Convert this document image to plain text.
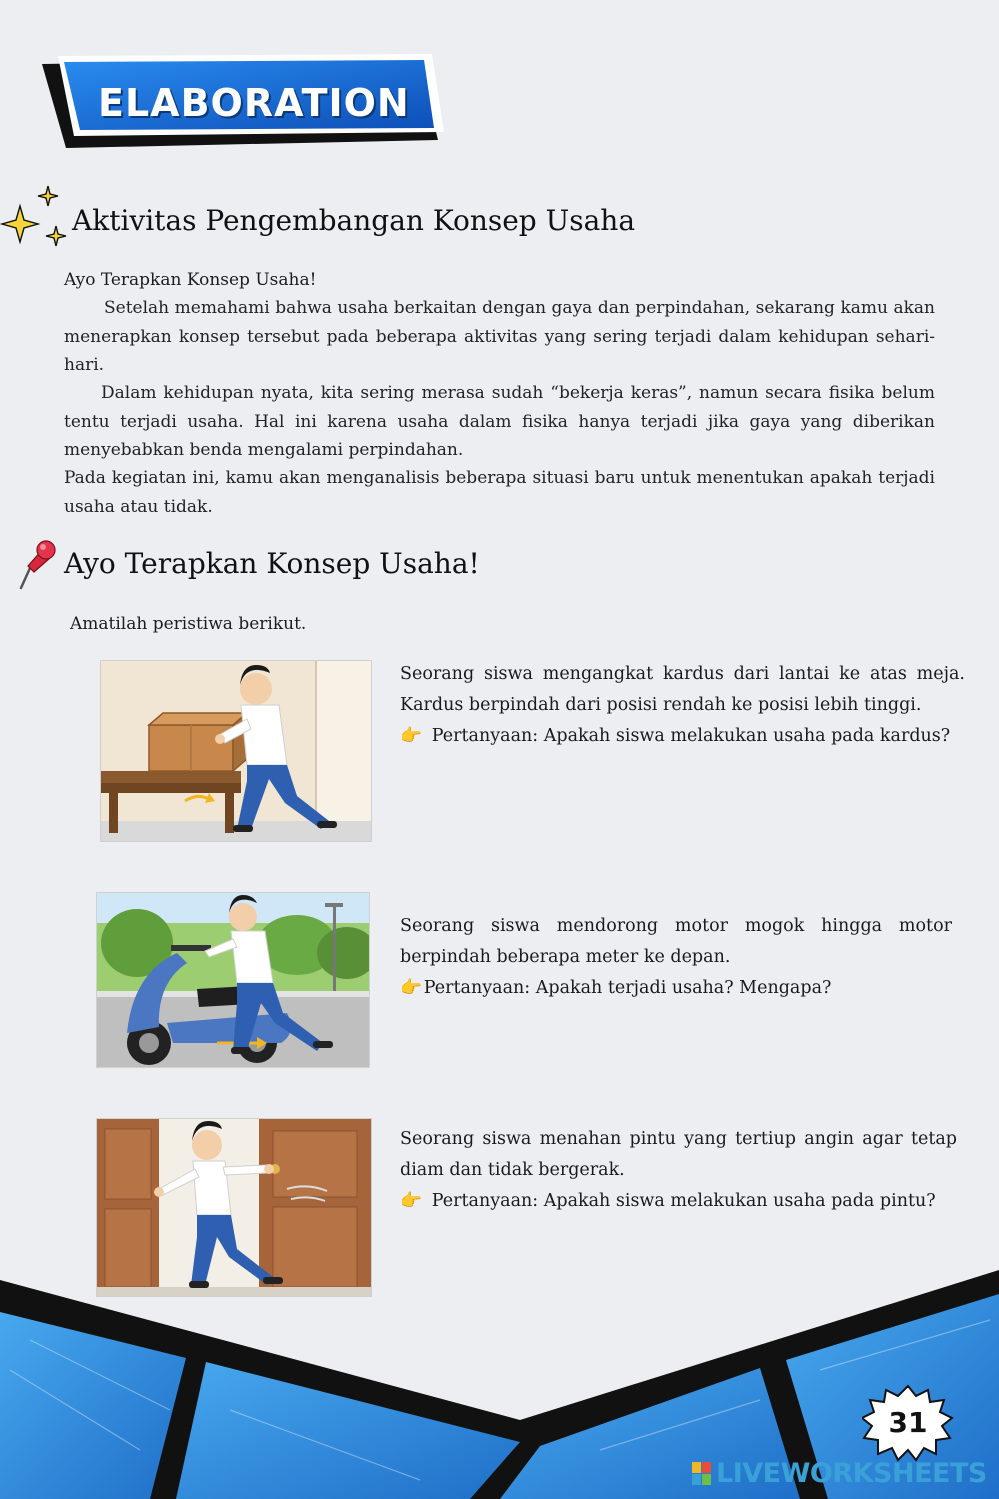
ELABORATION
Aktivitas Pengembangan Konsep Usaha
Ayo Terapkan Konsep Usaha!
Setelah memahami bahwa usaha berkaitan dengan gaya dan perpindahan, sekarang kamu akan menerapkan konsep tersebut pada beberapa aktivitas yang sering terjadi dalam kehidupan sehari-hari.
Dalam kehidupan nyata, kita sering merasa sudah “bekerja keras”, namun secara fisika belum tentu terjadi usaha. Hal ini karena usaha dalam fisika hanya terjadi jika gaya yang diberikan menyebabkan benda mengalami perpindahan.
Pada kegiatan ini, kamu akan menganalisis beberapa situasi baru untuk menentukan apakah terjadi usaha atau tidak.
Ayo Terapkan Konsep Usaha!
Amatilah peristiwa berikut.
Seorang siswa mengangkat kardus dari lantai ke atas meja. Kardus berpindah dari posisi rendah ke posisi lebih tinggi.
👉 Pertanyaan: Apakah siswa melakukan usaha pada kardus?
Seorang siswa mendorong motor mogok hingga motor berpindah beberapa meter ke depan.
👉 Pertanyaan: Apakah terjadi usaha? Mengapa?
Seorang siswa menahan pintu yang tertiup angin agar tetap diam dan tidak bergerak.
👉 Pertanyaan: Apakah siswa melakukan usaha pada pintu?
31
LIVEWORKSHEETS
